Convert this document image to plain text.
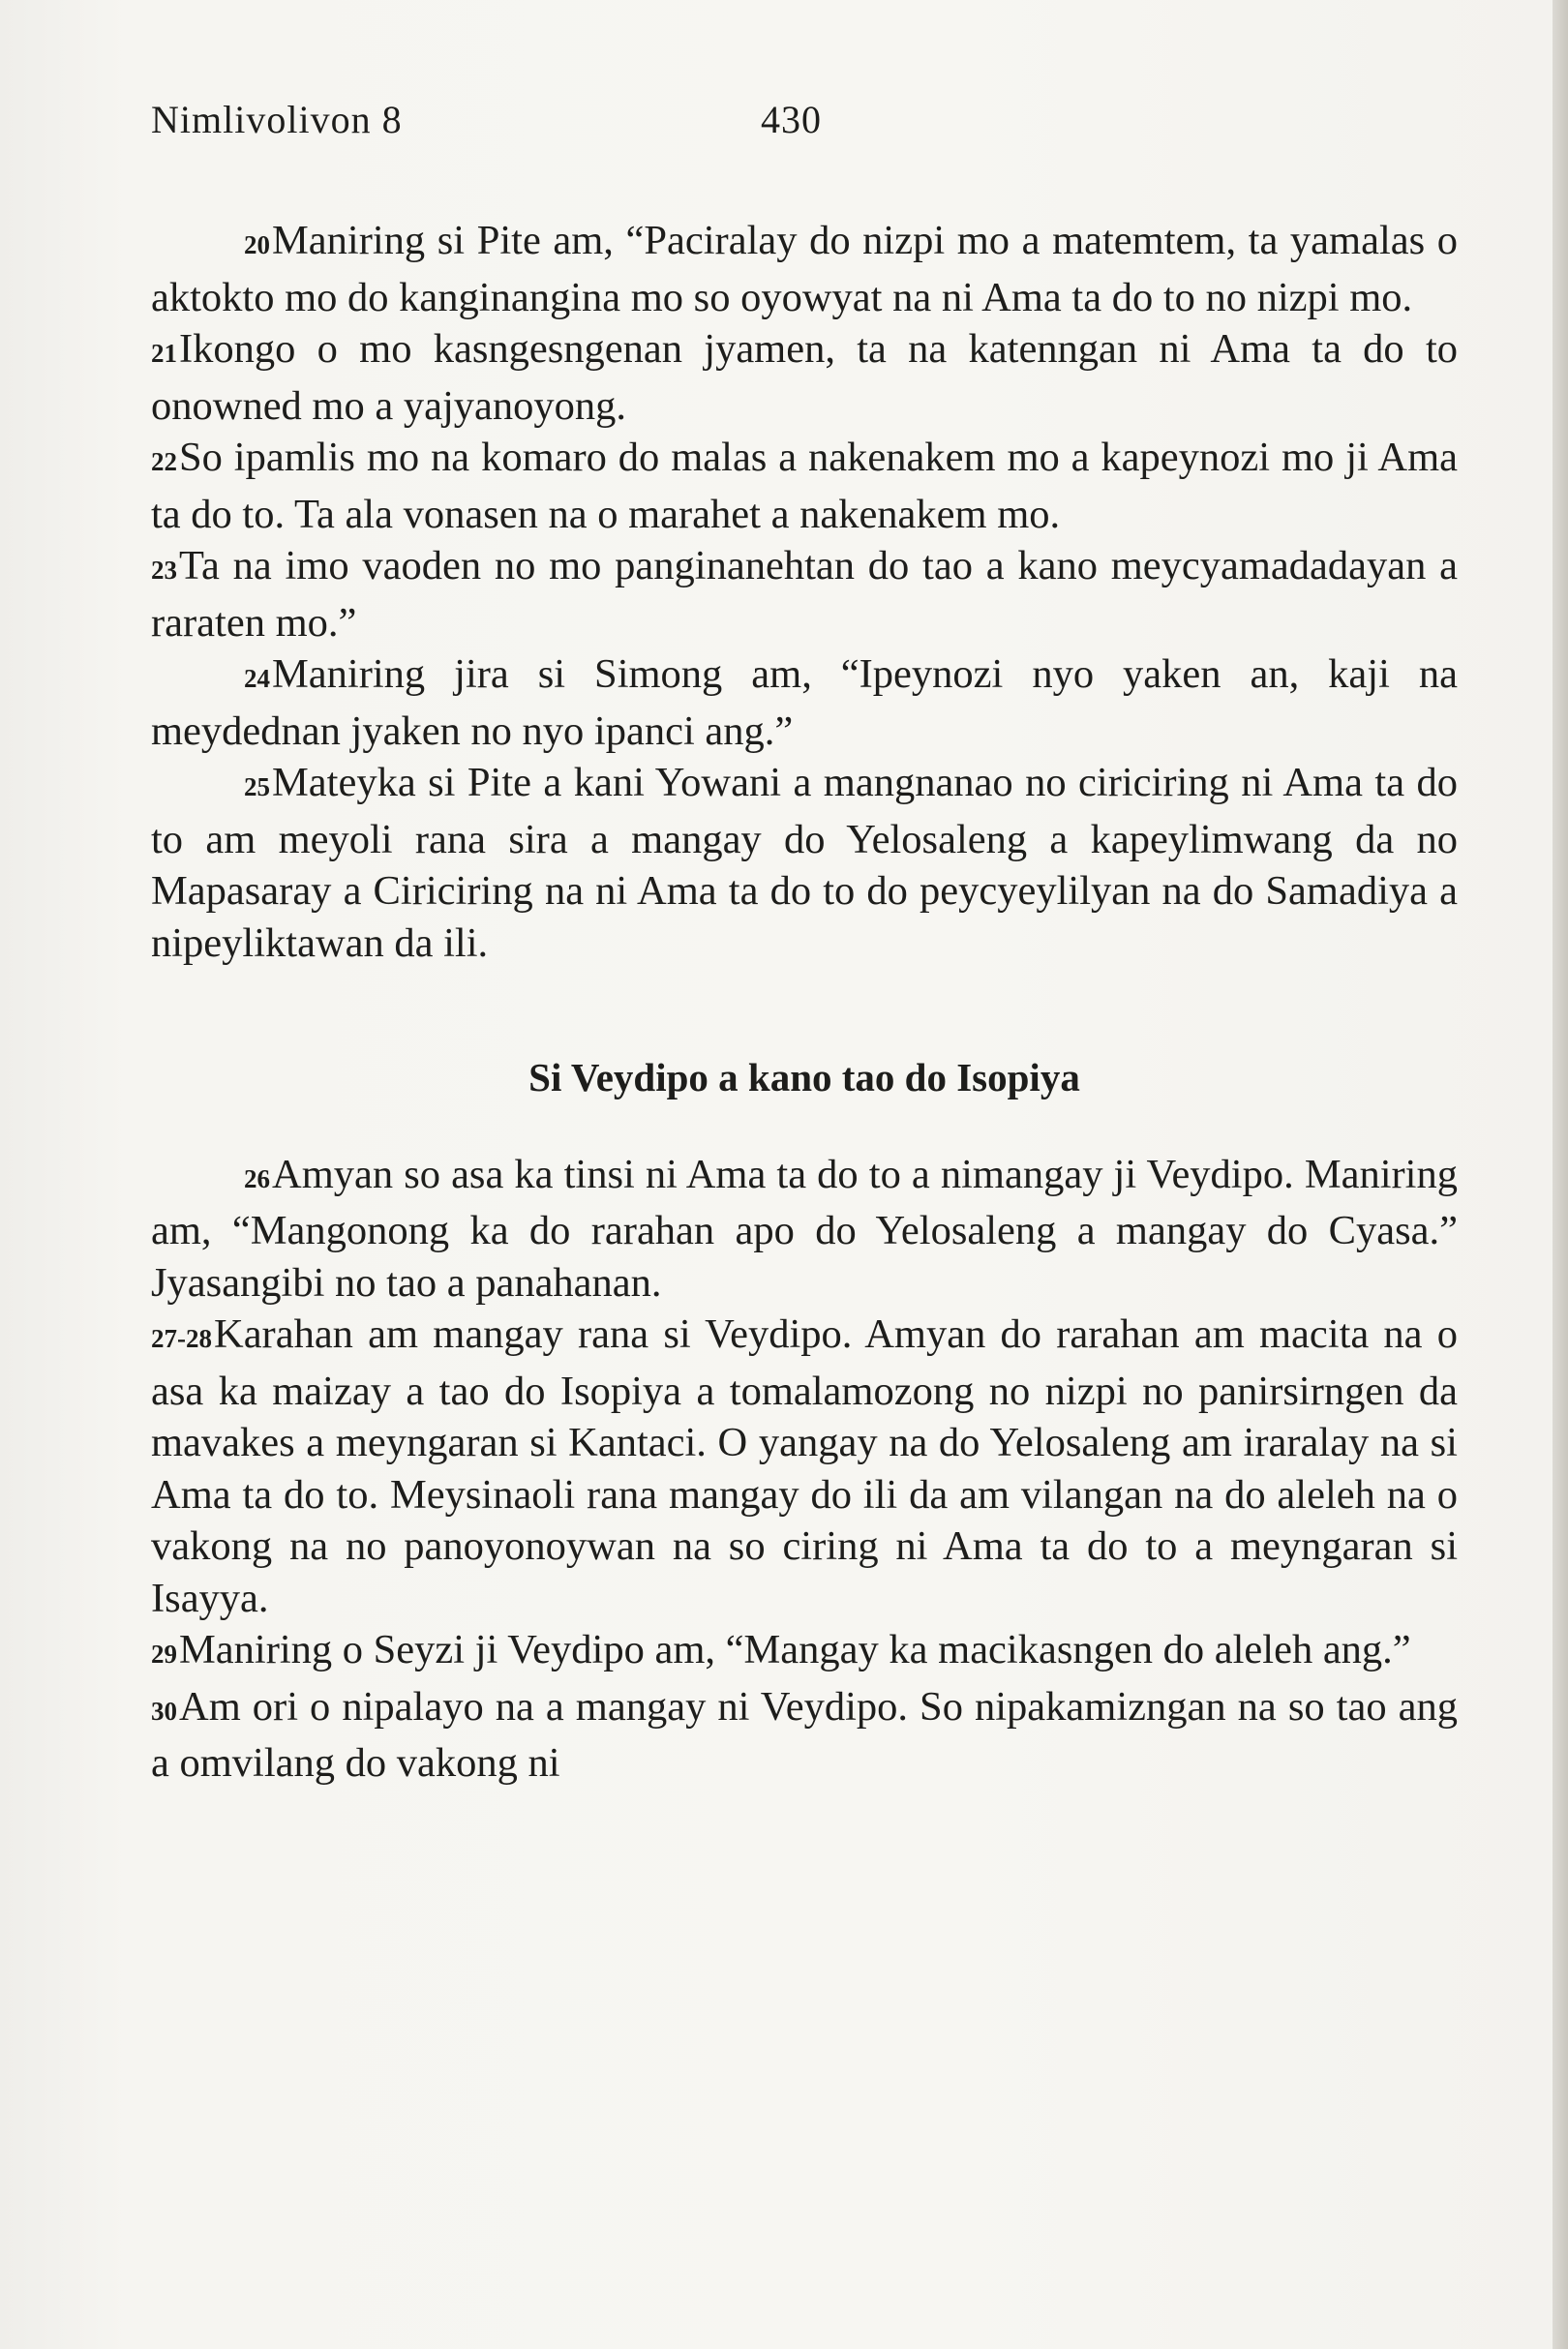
Nimlivolivon 8	430

20Maniring si Pite am, “Paciralay do nizpi mo a matemtem, ta yamalas o aktokto mo do kanginangina mo so oyowyat na ni Ama ta do to no nizpi mo.

21Ikongo o mo kasngesngenan jyamen, ta na katenngan ni Ama ta do to onowned mo a yajyanoyong.

22So ipamlis mo na komaro do malas a nakenakem mo a kapeynozi mo ji Ama ta do to. Ta ala vonasen na o marahet a nakenakem mo.

23Ta na imo vaoden no mo panginanehtan do tao a kano meycyamadadayan a raraten mo.”

24Maniring jira si Simong am, “Ipeynozi nyo yaken an, kaji na meydednan jyaken no nyo ipanci ang.”

25Mateyka si Pite a kani Yowani a mangnanao no ciriciring ni Ama ta do to am meyoli rana sira a mangay do Yelosaleng a kapeylimwang da no Mapasaray a Ciriciring na ni Ama ta do to do peycyeylilyan na do Samadiya a nipeyliktawan da ili.

Si Veydipo a kano tao do Isopiya

26Amyan so asa ka tinsi ni Ama ta do to a nimangay ji Veydipo. Maniring am, “Mangonong ka do rarahan apo do Yelosaleng a mangay do Cyasa.” Jyasangibi no tao a panahanan.

27-28Karahan am mangay rana si Veydipo. Amyan do rarahan am macita na o asa ka maizay a tao do Isopiya a tomalamozong no nizpi no panirsirngen da mavakes a meyngaran si Kantaci. O yangay na do Yelosaleng am iraralay na si Ama ta do to. Meysinaoli rana mangay do ili da am vilangan na do aleleh na o vakong na no panoyonoywan na so ciring ni Ama ta do to a meyngaran si Isayya.

29Maniring o Seyzi ji Veydipo am, “Mangay ka macikasngen do aleleh ang.”

30Am ori o nipalayo na a mangay ni Veydipo. So nipakamizngan na so tao ang a omvilang do vakong ni
